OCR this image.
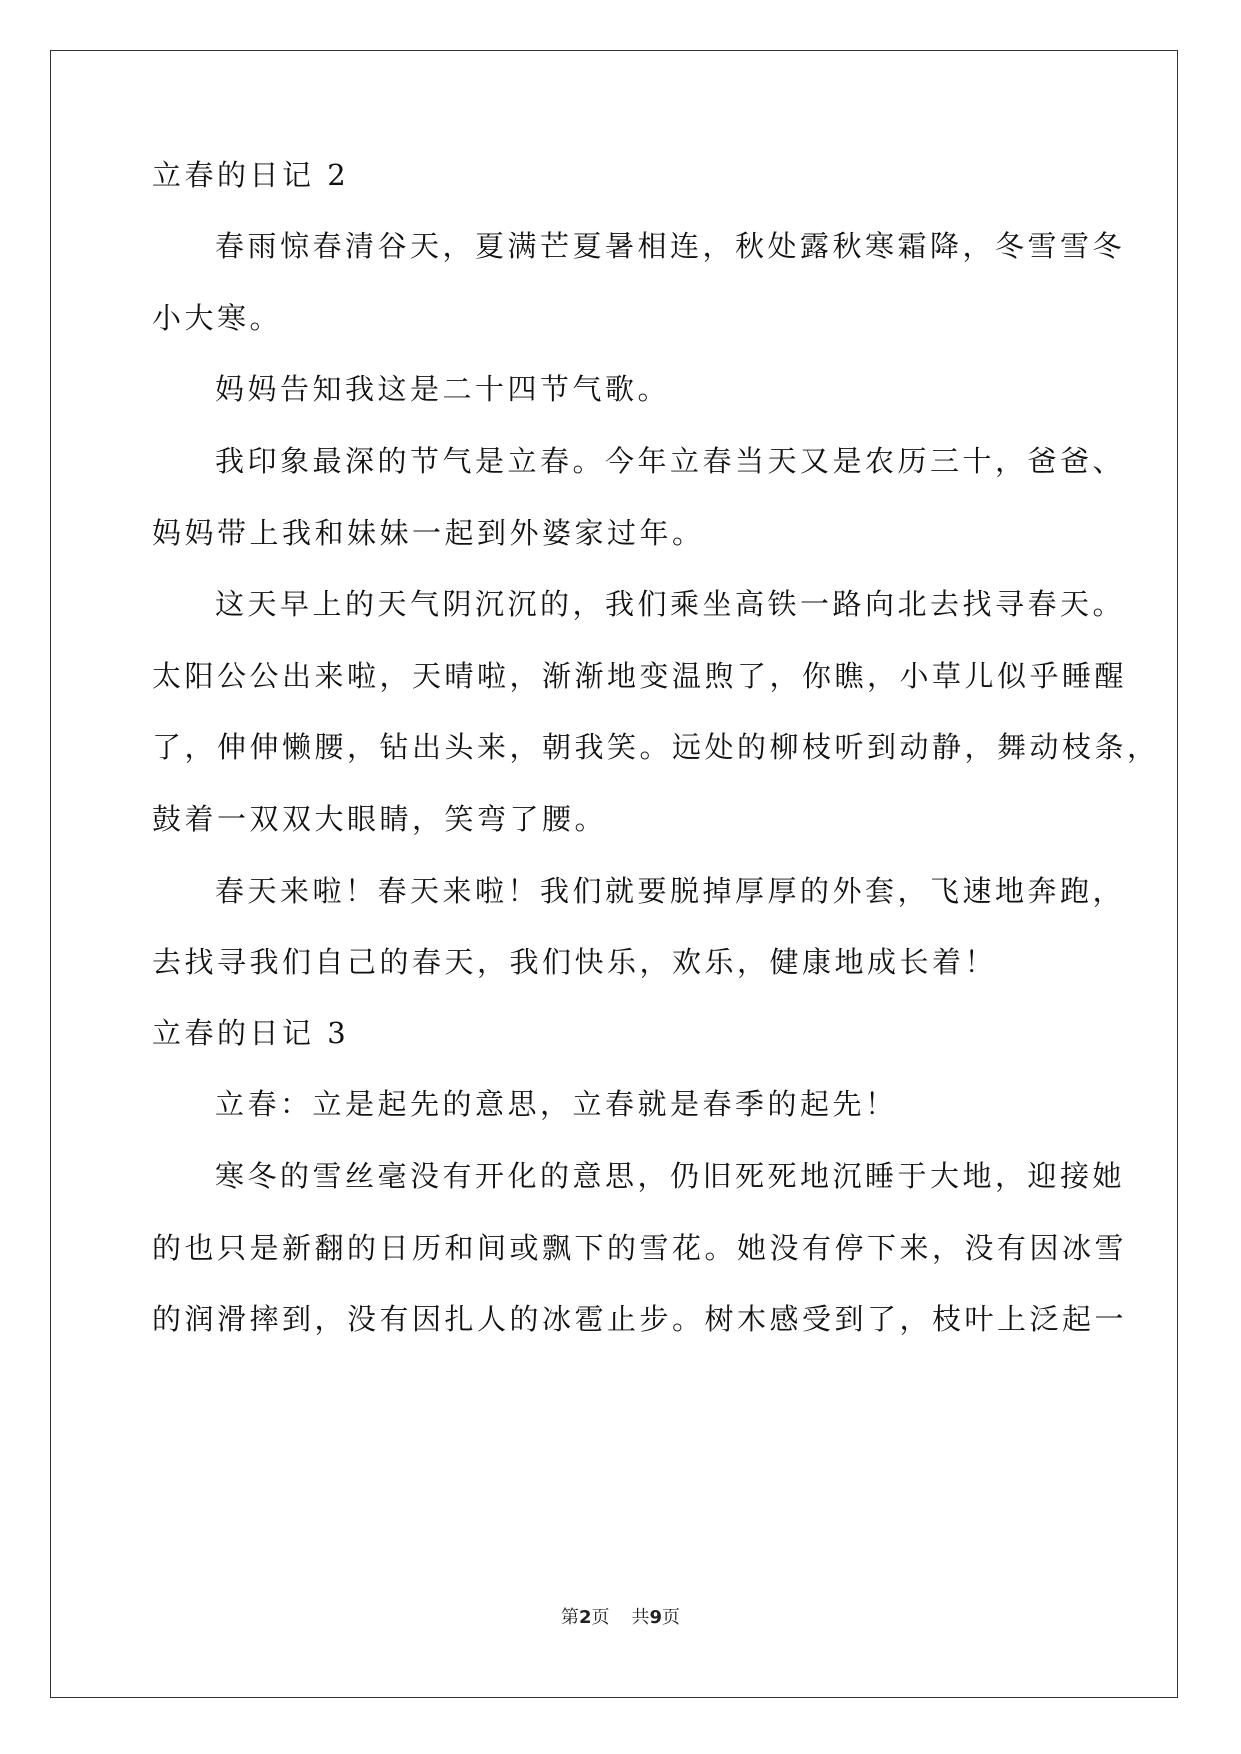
立春的日记 2
春雨惊春清谷天，夏满芒夏暑相连，秋处露秋寒霜降，冬雪雪冬
小大寒。
妈妈告知我这是二十四节气歌。
我印象最深的节气是立春。今年立春当天又是农历三十，爸爸、
妈妈带上我和妹妹一起到外婆家过年。
这天早上的天气阴沉沉的，我们乘坐高铁一路向北去找寻春天。
太阳公公出来啦，天晴啦，渐渐地变温煦了，你瞧，小草儿似乎睡醒
了，伸伸懒腰，钻出头来，朝我笑。远处的柳枝听到动静，舞动枝条，
鼓着一双双大眼睛，笑弯了腰。
春天来啦！春天来啦！我们就要脱掉厚厚的外套，飞速地奔跑，
去找寻我们自己的春天，我们快乐，欢乐，健康地成长着！
立春的日记 3
立春：立是起先的意思，立春就是春季的起先！
寒冬的雪丝毫没有开化的意思，仍旧死死地沉睡于大地，迎接她
的也只是新翻的日历和间或飘下的雪花。她没有停下来，没有因冰雪
的润滑摔到，没有因扎人的冰雹止步。树木感受到了，枝叶上泛起一
第2页 共9页
